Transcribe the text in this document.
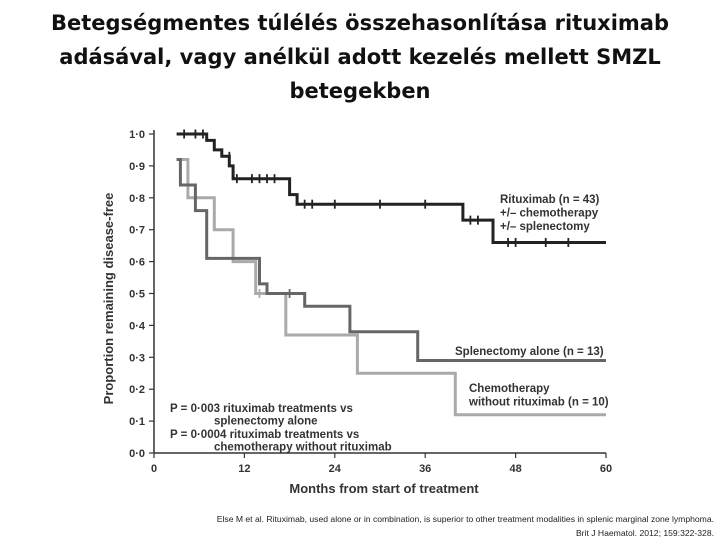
Betegségmentes túlélés összehasonlítása rituximab
adásával, vagy anélkül adott kezelés mellett SMZL
betegekben
0·0
0·1
0·2
0·3
0·4
0·5
0·6
0·7
0·8
0·9
1·0
0	12	24	36	48	60
Months from start of treatment
Proportion remaining disease-free	Rituximab (n = 43)
+/– chemotherapy
+/– splenectomy
Splenectomy alone (n = 13)
Chemotherapy
without rituximab (n = 10)
P = 0·003 rituximab treatments vs
splenectomy alone
P = 0·0004 rituximab treatments vs
chemotherapy without rituximab
Else M et al. Rituximab, used alone or in combination, is superior to other treatment modalities in splenic marginal zone lymphoma.
Brit J Haematol. 2012; 159:322-328.
